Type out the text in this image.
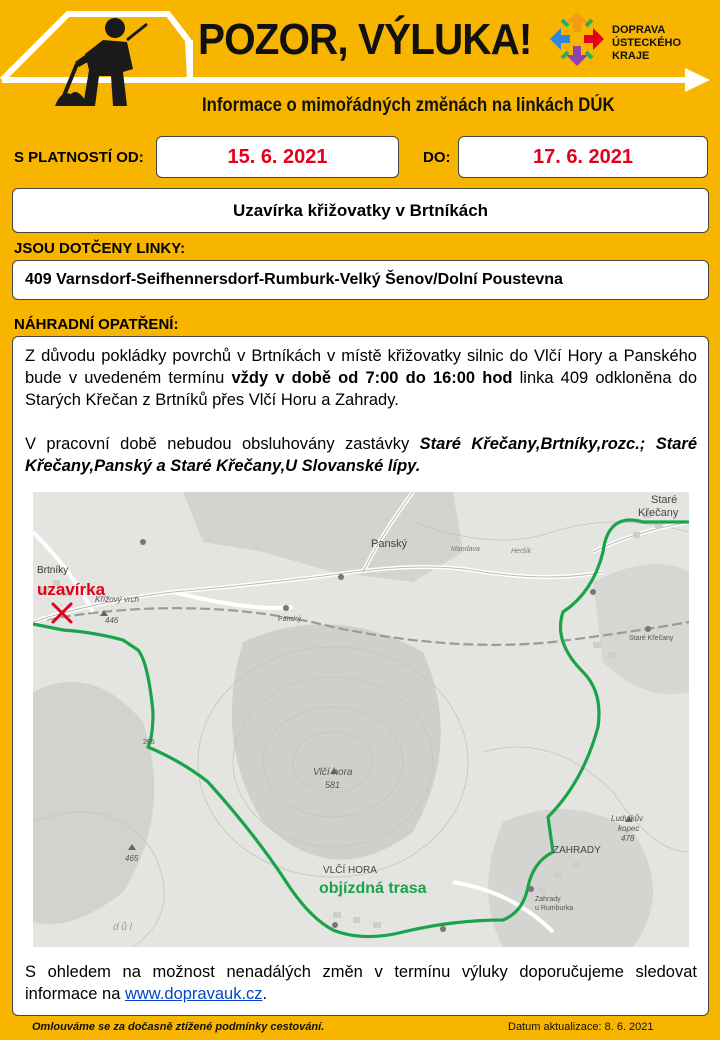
POZOR, VÝLUKA!
Informace o mimořádných změnách na linkách DÚK
DOPRAVA
ÚSTECKÉHO
KRAJE
S PLATNOSTÍ OD:	15. 6. 2021	DO:	17. 6. 2021
Uzavírka křižovatky v Brtníkách
JSOU DOTČENY LINKY:
409 Varnsdorf-Seifhennersdorf-Rumburk-Velký Šenov/Dolní Poustevna
NÁHRADNÍ OPATŘENÍ:
Z důvodu pokládky povrchů v Brtníkách v místě křižovatky silnic do Vlčí Hory a Panského bude v uvedeném termínu vždy v době od 7:00 do 16:00 hod linka 409 odkloněna do Starých Křečan z Brtníků přes Vlčí Horu a Zahrady.
V pracovní době nebudou obsluhovány zastávky Staré Křečany,Brtníky,rozc.; Staré Křečany,Panský a Staré Křečany,U Slovanské lípy.
Brtníky
uzavírka
Křížový vrch
446
Panský
Panský
Staré
Křečany
Staré Křečany
Vlčí hora
581
VLČÍ HORA
objízdná trasa
ZAHRADY
Ludvíkův
kopec
478
465
Zahrady
u Rumburka
265
Mandava	Heršík
d ů l
S ohledem na možnost nenadálých změn v termínu výluky doporučujeme sledovat informace na www.dopravauk.cz.
Omlouváme se za dočasně ztížené podmínky cestování.	Datum aktualizace: 8. 6. 2021
